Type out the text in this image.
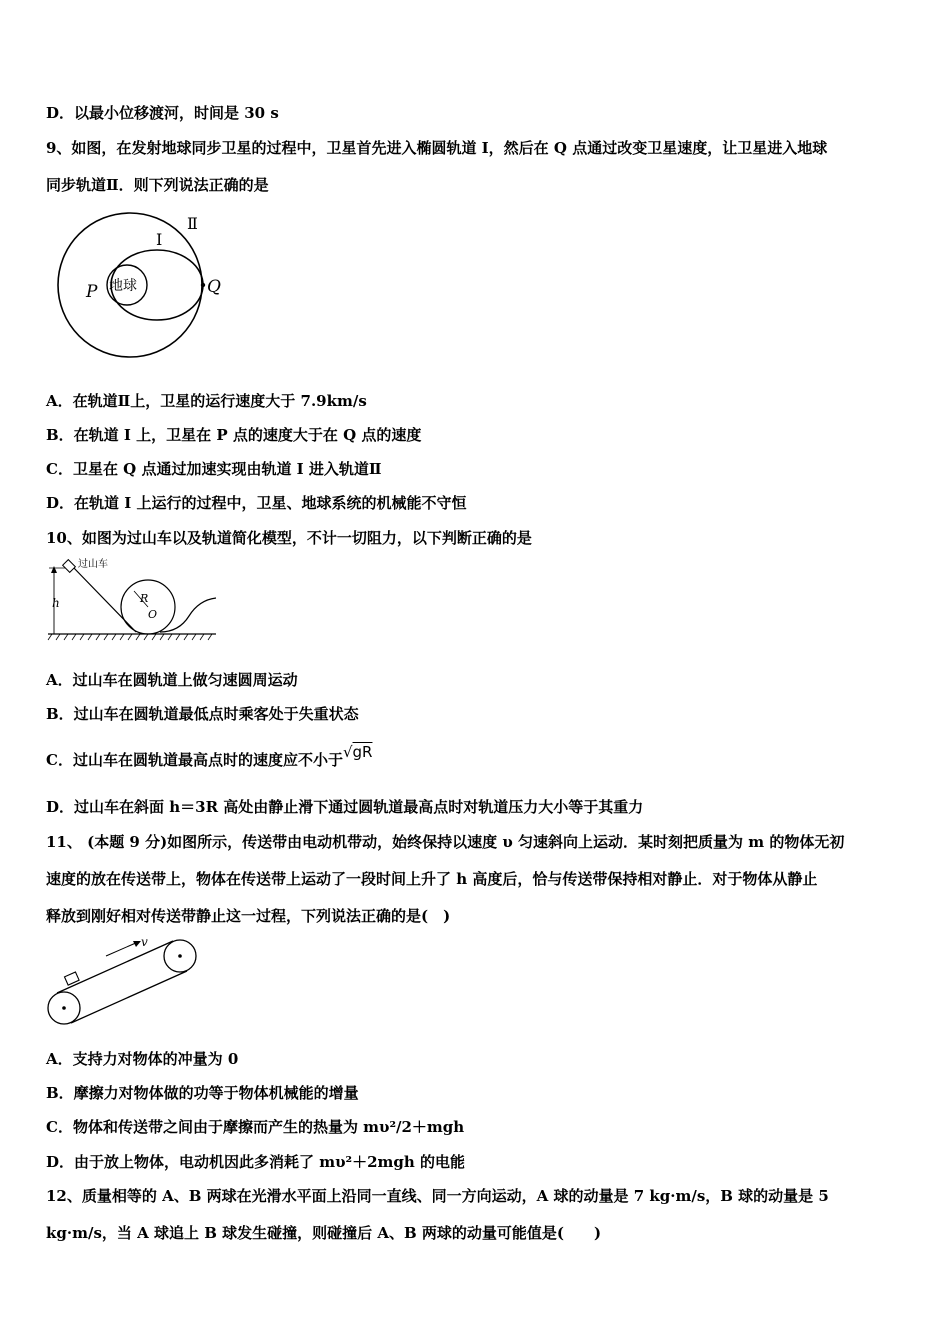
D．以最小位移渡河，时间是 30 s
9、如图，在发射地球同步卫星的过程中，卫星首先进入椭圆轨道 I，然后在 Q 点通过改变卫星速度，让卫星进入地球
同步轨道Ⅱ．则下列说法正确的是
地球
P	Q
I
Ⅱ
A．在轨道Ⅱ上，卫星的运行速度大于 7.9km/s
B．在轨道 I 上，卫星在 P 点的速度大于在 Q 点的速度
C．卫星在 Q 点通过加速实现由轨道 I 进入轨道Ⅱ
D．在轨道 I 上运行的过程中，卫星、地球系统的机械能不守恒
10、如图为过山车以及轨道简化模型，不计一切阻力，以下判断正确的是
h
过山车
R
O
A．过山车在圆轨道上做匀速圆周运动
B．过山车在圆轨道最低点时乘客处于失重状态
C．过山车在圆轨道最高点时的速度应不小于√gR
D．过山车在斜面 h＝3R 高处由静止滑下通过圆轨道最高点时对轨道压力大小等于其重力
11、 (本题 9 分)如图所示，传送带由电动机带动，始终保持以速度 υ 匀速斜向上运动．某时刻把质量为 m 的物体无初
速度的放在传送带上，物体在传送带上运动了一段时间上升了 h 高度后，恰与传送带保持相对静止．对于物体从静止
释放到刚好相对传送带静止这一过程，下列说法正确的是(　)
v
A．支持力对物体的冲量为 0
B．摩擦力对物体做的功等于物体机械能的增量
C．物体和传送带之间由于摩擦而产生的热量为 mυ²/2＋mgh
D．由于放上物体，电动机因此多消耗了 mυ²＋2mgh 的电能
12、质量相等的 A、B 两球在光滑水平面上沿同一直线、同一方向运动，A 球的动量是 7 kg·m/s，B 球的动量是 5
kg·m/s，当 A 球追上 B 球发生碰撞，则碰撞后 A、B 两球的动量可能值是(　　)
